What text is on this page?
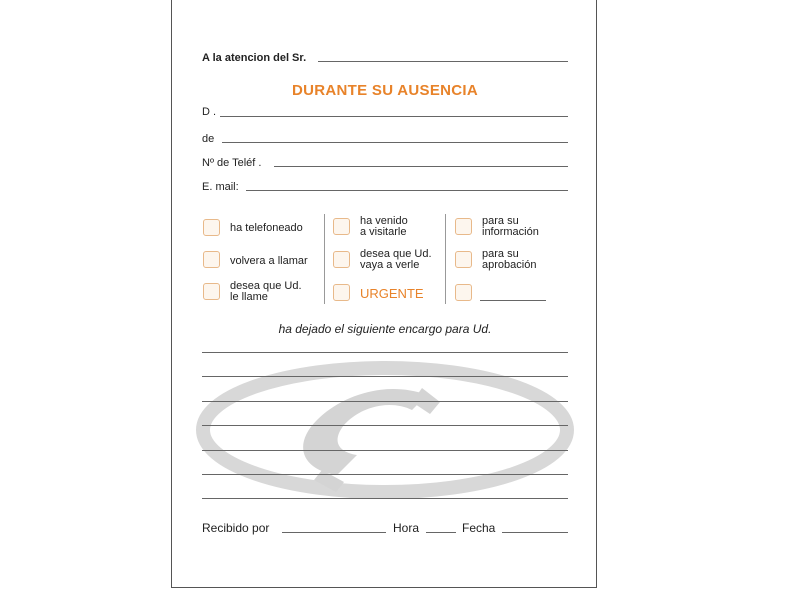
A la atencion del Sr.
DURANTE SU AUSENCIA
D .
de
Nº de Teléf .
E. mail:
ha telefoneado
volvera a llamar
desea que Ud.
le llame
ha venido
a visitarle
desea que Ud.
vaya a verle
URGENTE
para su
información
para su
aprobación
ha dejado el siguiente encargo para Ud.
Recibido por	Hora	Fecha
